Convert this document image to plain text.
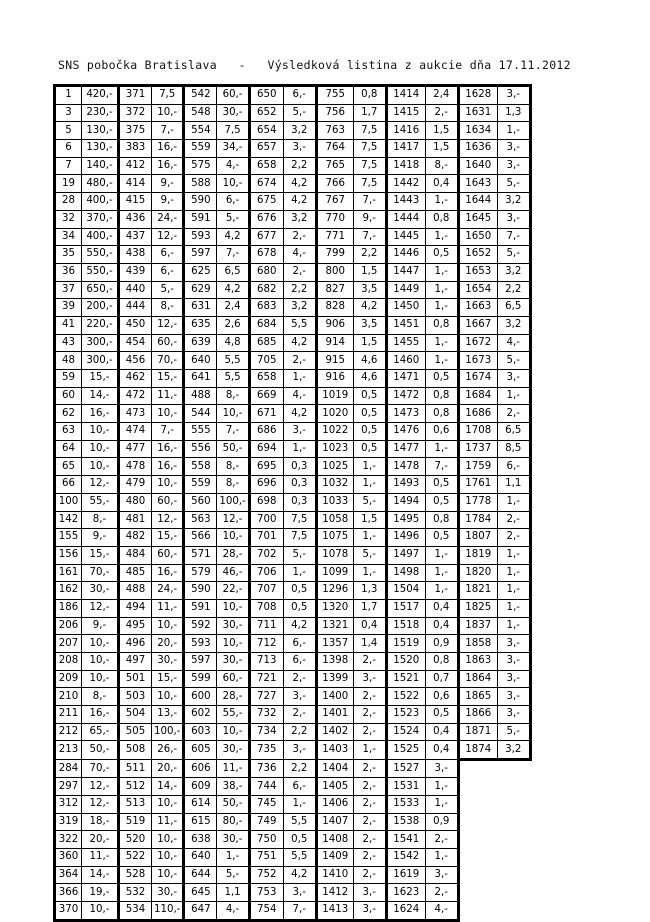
SNS pobočka Bratislava   -   Výsledková listina z aukcie dňa 17.11.2012
1	420,-	371	7,5	542	60,-	650	6,-	755	0,8	1414	2,4	1628	3,-
3	230,-	372	10,-	548	30,-	652	5,-	756	1,7	1415	2,-	1631	1,3
5	130,-	375	7,-	554	7,5	654	3,2	763	7,5	1416	1,5	1634	1,-
6	130,-	383	16,-	559	34,-	657	3,-	764	7,5	1417	1,5	1636	3,-
7	140,-	412	16,-	575	4,-	658	2,2	765	7,5	1418	8,-	1640	3,-
19	480,-	414	9,-	588	10,-	674	4,2	766	7,5	1442	0,4	1643	5,-
28	400,-	415	9,-	590	6,-	675	4,2	767	7,-	1443	1,-	1644	3,2
32	370,-	436	24,-	591	5,-	676	3,2	770	9,-	1444	0,8	1645	3,-
34	400,-	437	12,-	593	4,2	677	2,-	771	7,-	1445	1,-	1650	7,-
35	550,-	438	6,-	597	7,-	678	4,-	799	2,2	1446	0,5	1652	5,-
36	550,-	439	6,-	625	6,5	680	2,-	800	1,5	1447	1,-	1653	3,2
37	650,-	440	5,-	629	4,2	682	2,2	827	3,5	1449	1,-	1654	2,2
39	200,-	444	8,-	631	2,4	683	3,2	828	4,2	1450	1,-	1663	6,5
41	220,-	450	12,-	635	2,6	684	5,5	906	3,5	1451	0,8	1667	3,2
43	300,-	454	60,-	639	4,8	685	4,2	914	1,5	1455	1,-	1672	4,-
48	300,-	456	70,-	640	5,5	705	2,-	915	4,6	1460	1,-	1673	5,-
59	15,-	462	15,-	641	5,5	658	1,-	916	4,6	1471	0,5	1674	3,-
60	14,-	472	11,-	488	8,-	669	4,-	1019	0,5	1472	0,8	1684	1,-
62	16,-	473	10,-	544	10,-	671	4,2	1020	0,5	1473	0,8	1686	2,-
63	10,-	474	7,-	555	7,-	686	3,-	1022	0,5	1476	0,6	1708	6,5
64	10,-	477	16,-	556	50,-	694	1,-	1023	0,5	1477	1,-	1737	8,5
65	10,-	478	16,-	558	8,-	695	0,3	1025	1,-	1478	7,-	1759	6,-
66	12,-	479	10,-	559	8,-	696	0,3	1032	1,-	1493	0,5	1761	1,1
100	55,-	480	60,-	560	100,-	698	0,3	1033	5,-	1494	0,5	1778	1,-
142	8,-	481	12,-	563	12,-	700	7,5	1058	1,5	1495	0,8	1784	2,-
155	9,-	482	15,-	566	10,-	701	7,5	1075	1,-	1496	0,5	1807	2,-
156	15,-	484	60,-	571	28,-	702	5,-	1078	5,-	1497	1,-	1819	1,-
161	70,-	485	16,-	579	46,-	706	1,-	1099	1,-	1498	1,-	1820	1,-
162	30,-	488	24,-	590	22,-	707	0,5	1296	1,3	1504	1,-	1821	1,-
186	12,-	494	11,-	591	10,-	708	0,5	1320	1,7	1517	0,4	1825	1,-
206	9,-	495	10,-	592	30,-	711	4,2	1321	0,4	1518	0,4	1837	1,-
207	10,-	496	20,-	593	10,-	712	6,-	1357	1,4	1519	0,9	1858	3,-
208	10,-	497	30,-	597	30,-	713	6,-	1398	2,-	1520	0,8	1863	3,-
209	10,-	501	15,-	599	60,-	721	2,-	1399	3,-	1521	0,7	1864	3,-
210	8,-	503	10,-	600	28,-	727	3,-	1400	2,-	1522	0,6	1865	3,-
211	16,-	504	13,-	602	55,-	732	2,-	1401	2,-	1523	0,5	1866	3,-
212	65,-	505	100,-	603	10,-	734	2,2	1402	2,-	1524	0,4	1871	5,-
213	50,-	508	26,-	605	30,-	735	3,-	1403	1,-	1525	0,4	1874	3,2
284	70,-	511	20,-	606	11,-	736	2,2	1404	2,-	1527	3,-		
297	12,-	512	14,-	609	38,-	744	6,-	1405	2,-	1531	1,-		
312	12,-	513	10,-	614	50,-	745	1,-	1406	2,-	1533	1,-		
319	18,-	519	11,-	615	80,-	749	5,5	1407	2,-	1538	0,9		
322	20,-	520	10,-	638	30,-	750	0,5	1408	2,-	1541	2,-		
360	11,-	522	10,-	640	1,-	751	5,5	1409	2,-	1542	1,-		
364	14,-	528	10,-	644	5,-	752	4,2	1410	2,-	1619	3,-		
366	19,-	532	30,-	645	1,1	753	3,-	1412	3,-	1623	2,-		
370	10,-	534	110,-	647	4,-	754	7,-	1413	3,-	1624	4,-		
